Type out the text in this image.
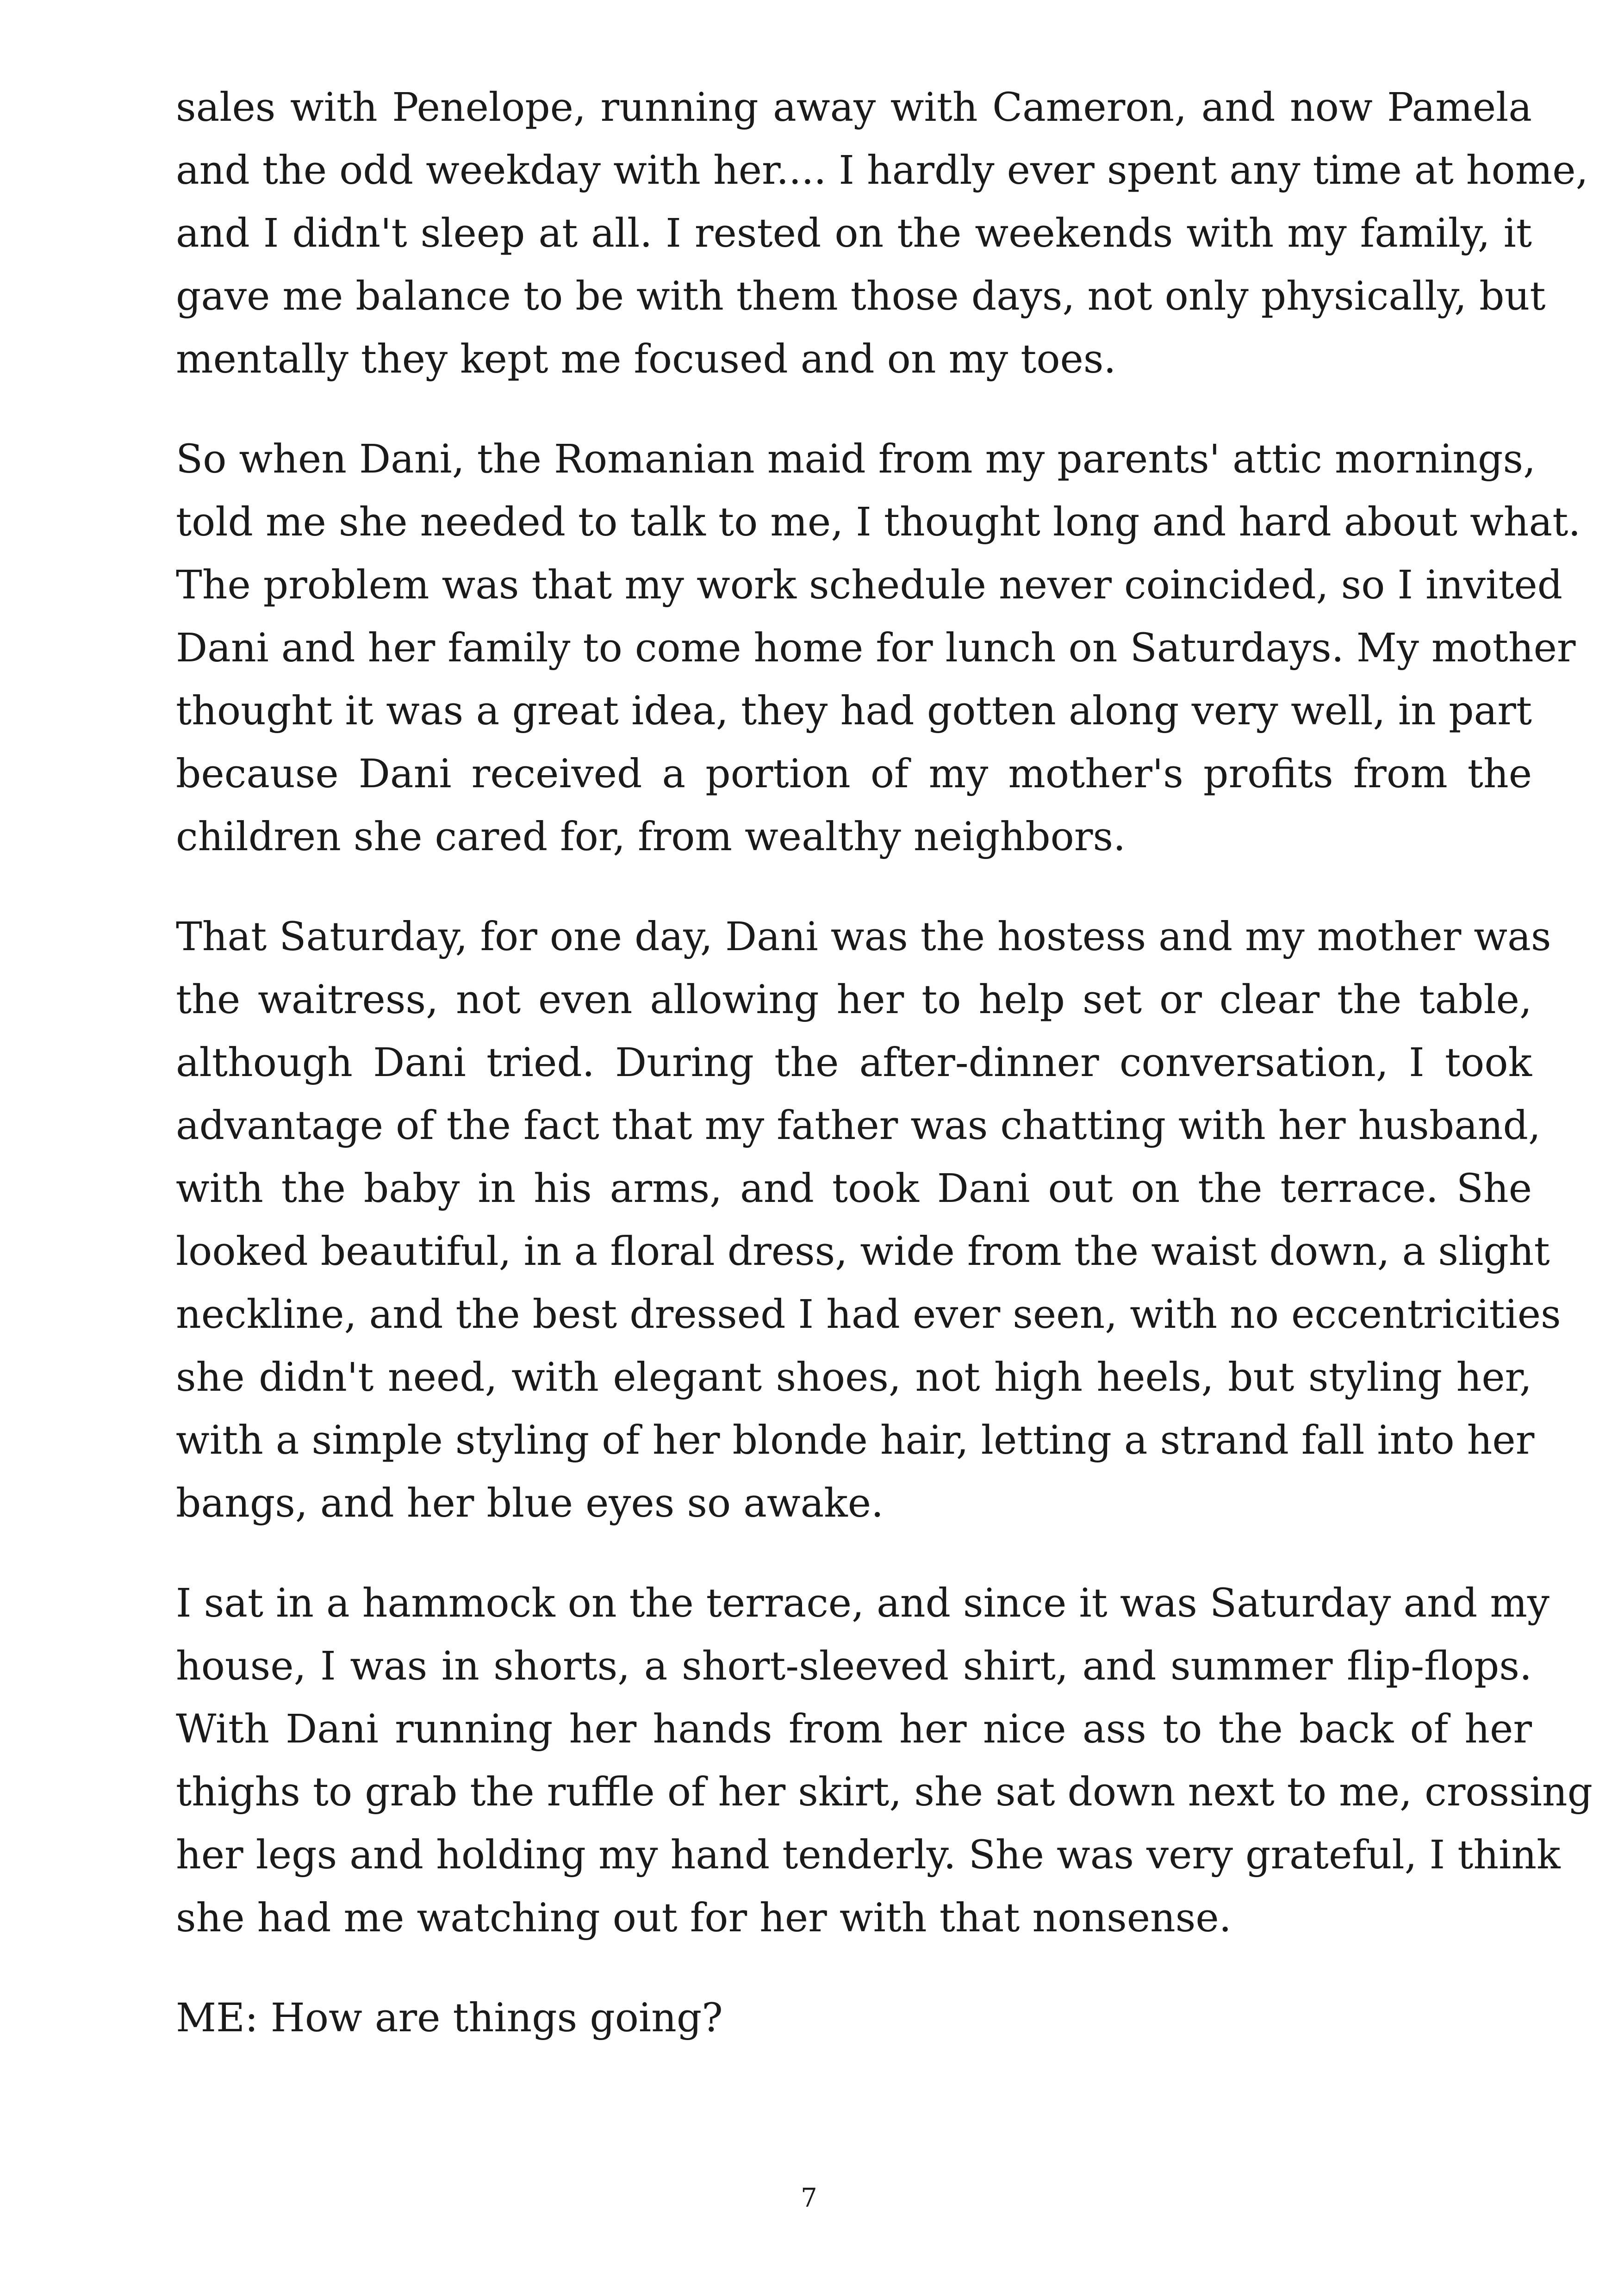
sales with Penelope, running away with Cameron, and now Pamela
and the odd weekday with her.... I hardly ever spent any time at home,
and I didn't sleep at all. I rested on the weekends with my family, it
gave me balance to be with them those days, not only physically, but
mentally they kept me focused and on my toes.

So when Dani, the Romanian maid from my parents' attic mornings,
told me she needed to talk to me, I thought long and hard about what.
The problem was that my work schedule never coincided, so I invited
Dani and her family to come home for lunch on Saturdays. My mother
thought it was a great idea, they had gotten along very well, in part
because Dani received a portion of my mother's profits from the
children she cared for, from wealthy neighbors.

That Saturday, for one day, Dani was the hostess and my mother was
the waitress, not even allowing her to help set or clear the table,
although Dani tried. During the after-dinner conversation, I took
advantage of the fact that my father was chatting with her husband,
with the baby in his arms, and took Dani out on the terrace. She
looked beautiful, in a floral dress, wide from the waist down, a slight
neckline, and the best dressed I had ever seen, with no eccentricities
she didn't need, with elegant shoes, not high heels, but styling her,
with a simple styling of her blonde hair, letting a strand fall into her
bangs, and her blue eyes so awake.

I sat in a hammock on the terrace, and since it was Saturday and my
house, I was in shorts, a short-sleeved shirt, and summer flip-flops.
With Dani running her hands from her nice ass to the back of her
thighs to grab the ruffle of her skirt, she sat down next to me, crossing
her legs and holding my hand tenderly. She was very grateful, I think
she had me watching out for her with that nonsense.

ME: How are things going?

7
